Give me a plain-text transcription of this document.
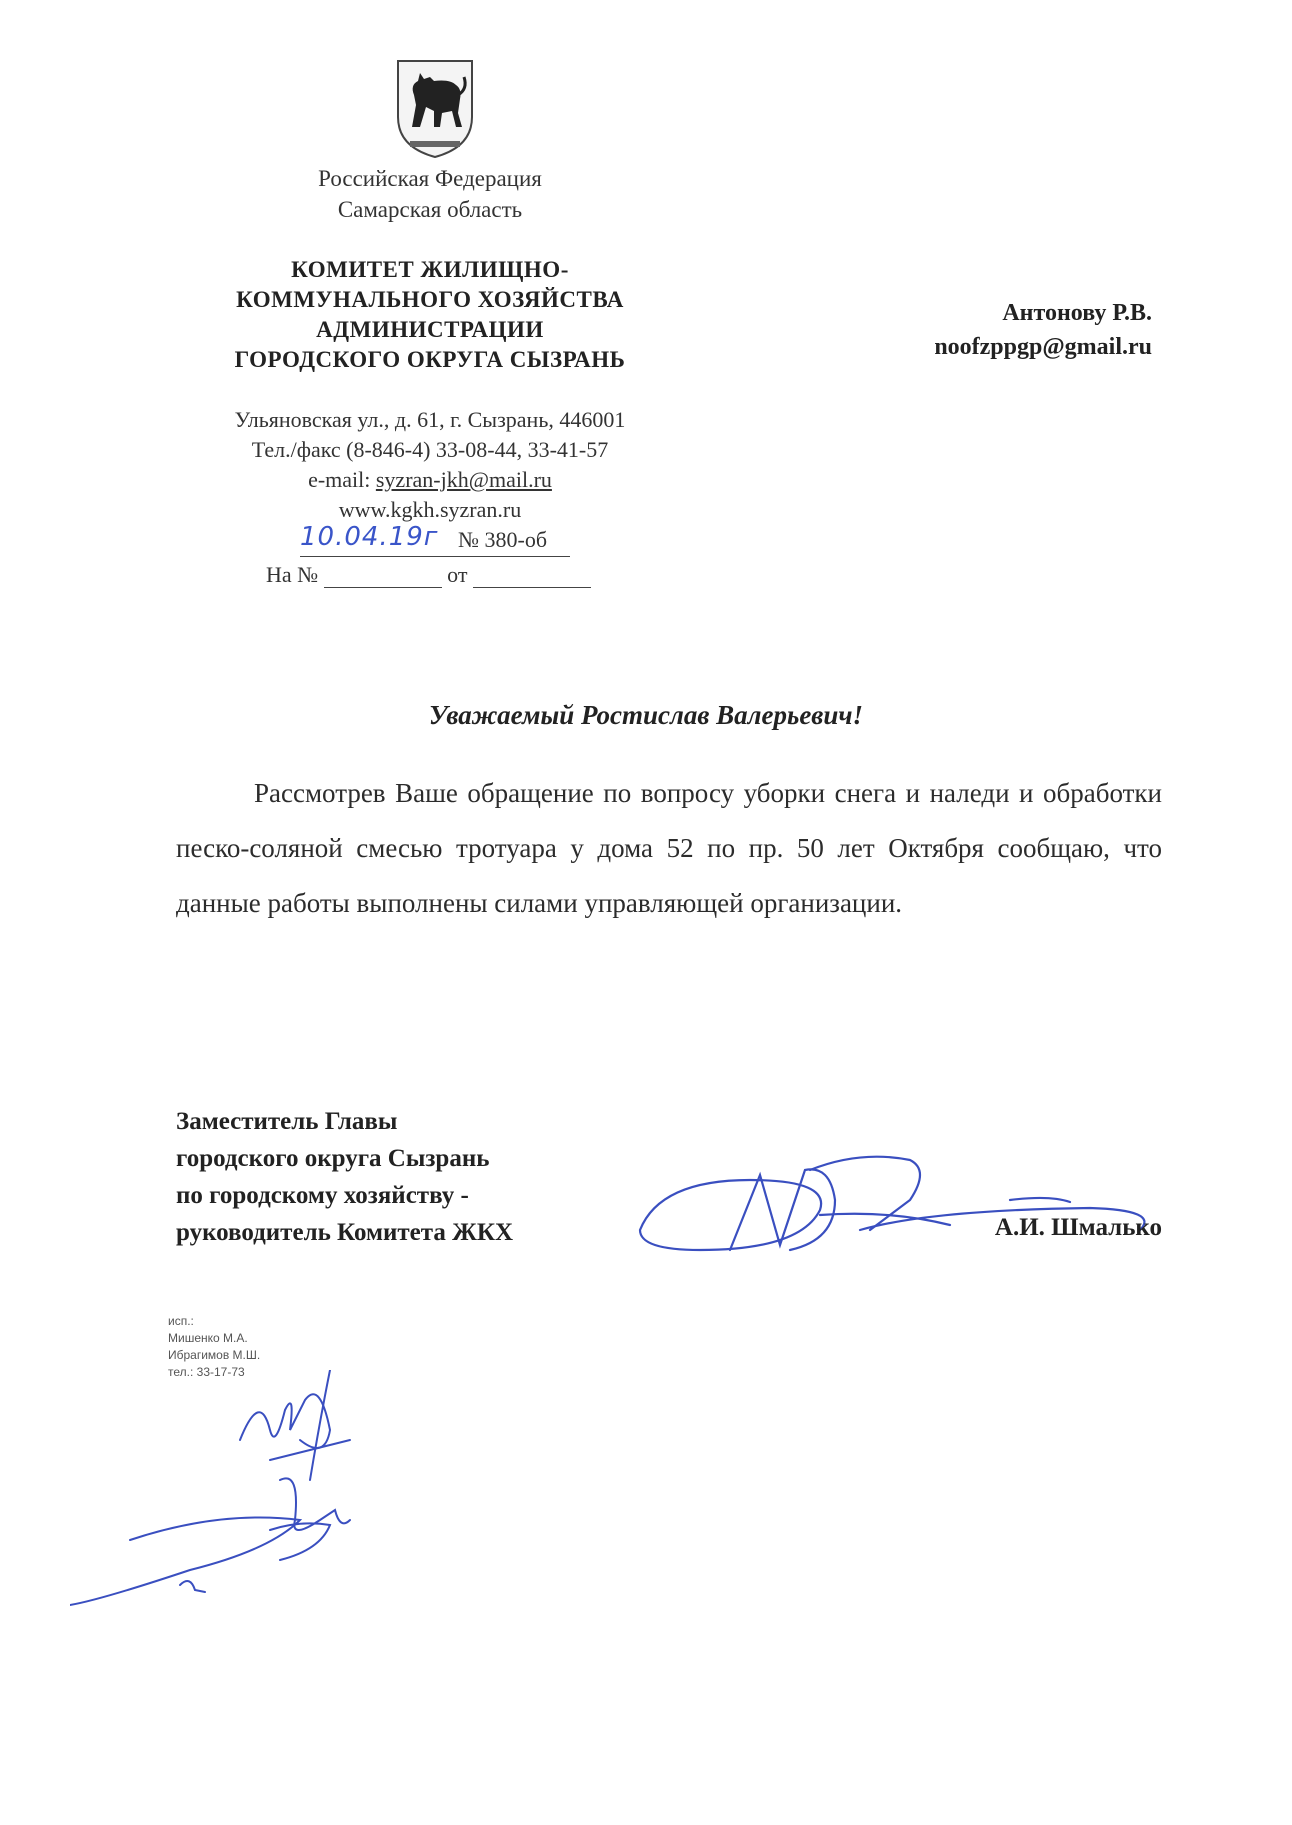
Российская Федерация
Самарская область
КОМИТЕТ ЖИЛИЩНО-
КОММУНАЛЬНОГО ХОЗЯЙСТВА
АДМИНИСТРАЦИИ
ГОРОДСКОГО ОКРУГА СЫЗРАНЬ
Ульяновская ул., д. 61, г. Сызрань, 446001
Тел./факс (8-846-4) 33-08-44, 33-41-57
e-mail: syzran-jkh@mail.ru
www.kgkh.syzran.ru
10.04.19г № 380-об
На №	от
Антонову Р.В.
noofzppgp@gmail.ru
Уважаемый Ростислав Валерьевич!

Рассмотрев Ваше обращение по вопросу уборки снега и наледи и обработки песко-соляной смесью тротуара у дома 52 по пр. 50 лет Октября сообщаю, что данные работы выполнены силами управляющей организации.

Заместитель Главы
городского округа Сызрань
по городскому хозяйству -
руководитель Комитета ЖКХ	А.И. Шмалько
исп.:
Мишенко М.А.
Ибрагимов М.Ш.
тел.: 33-17-73
